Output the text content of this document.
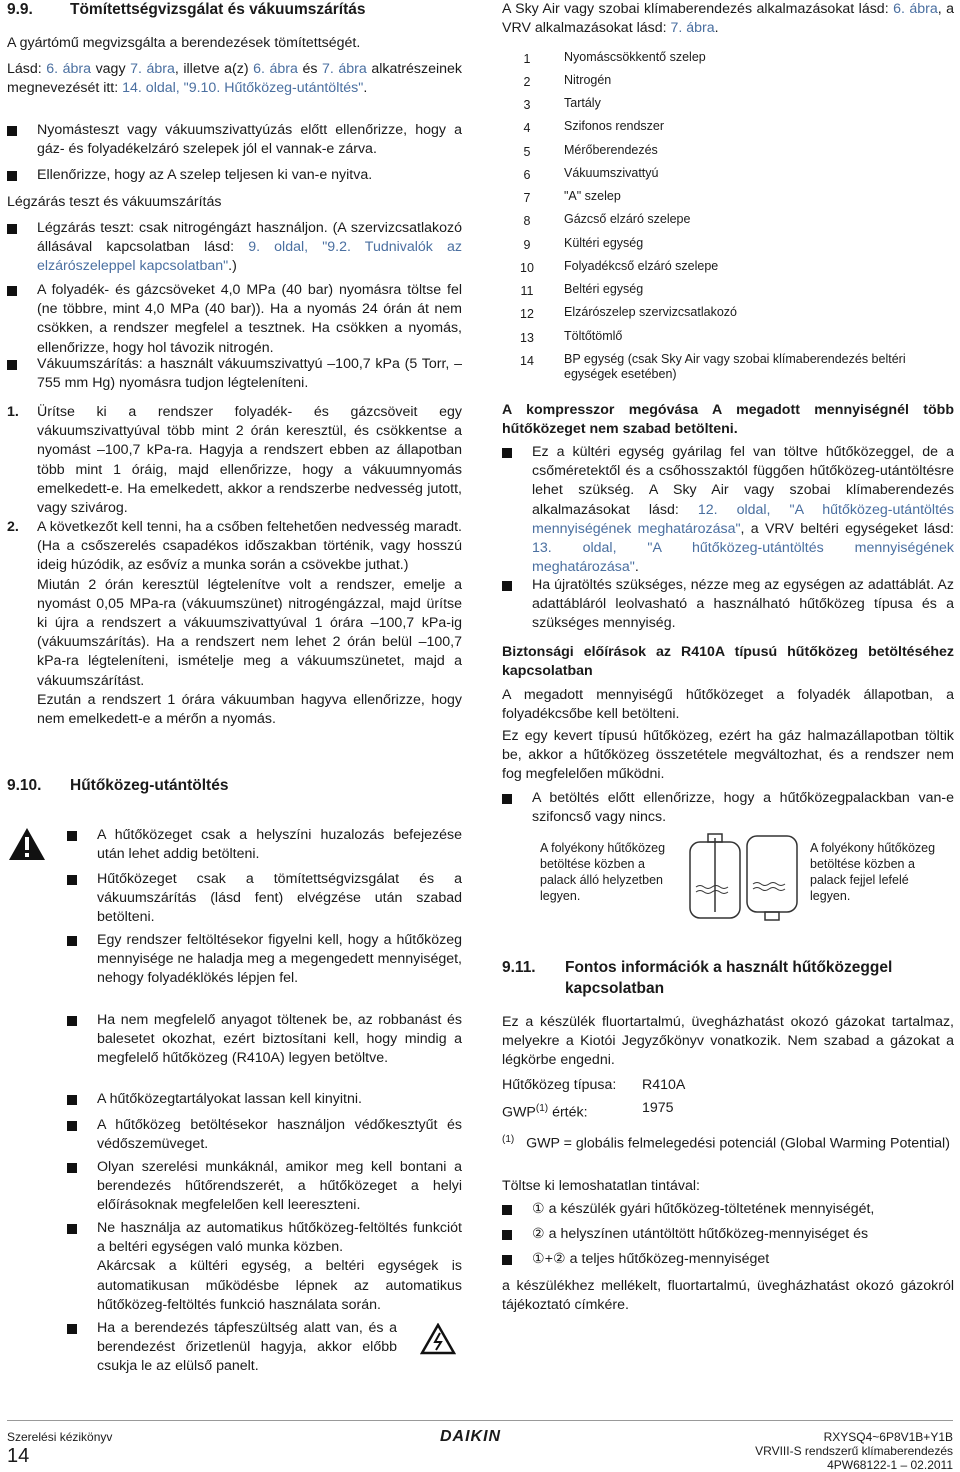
9.9. Tömítettségvizsgálat és vákuumszárítás

A gyártómű megvizsgálta a berendezések tömítettségét.

Lásd: 6. ábra vagy 7. ábra, illetve a(z) 6. ábra és 7. ábra alkatrészeinek megnevezését itt: 14. oldal, "9.10. Hűtőközeg-utántöltés".

Nyomásteszt vagy vákuumszivattyúzás előtt ellenőrizze, hogy a gáz- és folyadékelzáró szelepek jól el vannak-e zárva.
Ellenőrizze, hogy az A szelep teljesen ki van-e nyitva.

Légzárás teszt és vákuumszárítás

Légzárás teszt: csak nitrogéngázt használjon. (A szervizcsatlakozó állásával kapcsolatban lásd: 9. oldal, "9.2. Tudnivalók az elzárószeleppel kapcsolatban".)
A folyadék- és gázcsöveket 4,0 MPa (40 bar) nyomásra töltse fel (ne többre, mint 4,0 MPa (40 bar)). Ha a nyomás 24 órán át nem csökken, a rendszer megfelel a tesztnek. Ha csökken a nyomás, ellenőrizze, hogy hol távozik nitrogén.
Vákuumszárítás: a használt vákuumszivattyú –100,7 kPa (5 Torr, –755 mm Hg) nyomásra tudjon légteleníteni.
1. Ürítse ki a rendszer folyadék- és gázcsöveit egy vákuumszivattyúval több mint 2 órán keresztül, és csökkentse a nyomást –100,7 kPa-ra. Hagyja a rendszert ebben az állapotban több mint 1 óráig, majd ellenőrizze, hogy a vákuumnyomás emelkedett-e. Ha emelkedett, akkor a rendszerbe nedvesség jutott, vagy szivárog.
2. A következőt kell tenni, ha a csőben feltehetően nedvesség maradt. (Ha a csőszerelés csapadékos időszakban történik, vagy hosszú ideig húzódik, az esővíz a munka során a csövekbe juthat.)
Miután 2 órán keresztül légtelenítve volt a rendszer, emelje a nyomást 0,05 MPa-ra (vákuumszünet) nitrogéngázzal, majd ürítse ki újra a rendszert a vákuumszivattyúval 1 órára –100,7 kPa-ig (vákuumszárítás). Ha a rendszert nem lehet 2 órán belül –100,7 kPa-ra légteleníteni, ismételje meg a vákuumszünetet, majd a vákuumszárítást.
Ezután a rendszert 1 órára vákuumban hagyva ellenőrizze, hogy nem emelkedett-e a mérőn a nyomás.
9.10. Hűtőközeg-utántöltés
A hűtőközeget csak a helyszíni huzalozás befejezése után lehet addig betölteni.
Hűtőközeget csak a tömítettségvizsgálat és a vákuumszárítás (lásd fent) elvégzése után szabad betölteni.
Egy rendszer feltöltésekor figyelni kell, hogy a hűtőközeg mennyisége ne haladja meg a megengedett mennyiséget, nehogy folyadéklökés lépjen fel.
Ha nem megfelelő anyagot töltenek be, az robbanást és balesetet okozhat, ezért biztosítani kell, hogy mindig a megfelelő hűtőközeg (R410A) legyen betöltve.
A hűtőközegtartályokat lassan kell kinyitni.
A hűtőközeg betöltésekor használjon védőkesztyűt és védőszemüveget.
Olyan szerelési munkáknál, amikor meg kell bontani a berendezés hűtőrendszerét, a hűtőközeget a helyi előírásoknak megfelelően kell leereszteni.
Ne használja az automatikus hűtőközeg-feltöltés funkciót a beltéri egységen való munka közben.
Akárcsak a kültéri egység, a beltéri egységek is automatikusan működésbe lépnek az automatikus hűtőközeg-feltöltés funkció használata során.
Ha a berendezés tápfeszültség alatt van, és a berendezést őrizetlenül hagyja, akkor előbb csukja le az elülső panelt.

A Sky Air vagy szobai klímaberendezés alkalmazásokat lásd: 6. ábra, a VRV alkalmazásokat lásd: 7. ábra.

1	Nyomáscsökkentő szelep
2	Nitrogén
3	Tartály
4	Szifonos rendszer
5	Mérőberendezés
6	Vákuumszivattyú
7	"A" szelep
8	Gázcső elzáró szelepe
9	Kültéri egység
10	Folyadékcső elzáró szelepe
11	Beltéri egység
12	Elzárószelep szervizcsatlakozó
13	Töltőtömlő
14	BP egység (csak Sky Air vagy szobai klímaberendezés beltéri egységek esetében)

A kompresszor megóvása A megadott mennyiségnél több hűtőközeget nem szabad betölteni.

Ez a kültéri egység gyárilag fel van töltve hűtőközeggel, de a csőméretektől és a csőhosszaktól függően hűtőközeg-utántöltésre lehet szükség. A Sky Air vagy szobai klímaberendezés alkalmazásokat lásd: 12. oldal, "A hűtőközeg-utántöltés mennyiségének meghatározása", a VRV beltéri egységeket lásd: 13. oldal, "A hűtőközeg-utántöltés mennyiségének meghatározása".
Ha újratöltés szükséges, nézze meg az egységen az adattáblát. Az adattábláról leolvasható a használható hűtőközeg típusa és a szükséges mennyiség.

Biztonsági előírások az R410A típusú hűtőközeg betöltéséhez kapcsolatban

A megadott mennyiségű hűtőközeget a folyadék állapotban, a folyadékcsőbe kell betölteni.

Ez egy kevert típusú hűtőközeg, ezért ha gáz halmazállapotban töltik be, akkor a hűtőközeg összetétele megváltozhat, és a rendszer nem fog megfelelően működni.

A betöltés előtt ellenőrizze, hogy a hűtőközegpalackban van-e szifoncső vagy nincs.
A folyékony hűtőközeg betöltése közben a palack álló helyzetben legyen.
A folyékony hűtőközeg betöltése közben a palack fejjel lefelé legyen.
9.11. Fontos információk a használt hűtőközeggel kapcsolatban

Ez a készülék fluortartalmú, üvegházhatást okozó gázokat tartalmaz, melyekre a Kiotói Jegyzőkönyv vonatkozik. Nem szabad a gázokat a légkörbe engedni.

Hűtőközeg típusa: R410A
GWP$^{(1)}$ érték:	1975

$^{(1)}$ GWP = globális felmelegedési potenciál (Global Warming Potential)

Töltse ki lemoshatatlan tintával:

① a készülék gyári hűtőközeg-töltetének mennyiségét,
② a helyszínen utántöltött hűtőközeg-mennyiséget és
①+② a teljes hűtőközeg-mennyiséget

a készülékhez mellékelt, fluortartalmú, üvegházhatást okozó gázokról tájékoztató címkére.

Szerelési kézikönyv
14
DAIKIN	RXYSQ4~6P8V1B+Y1B
VRVIII-S rendszerű klímaberendezés
4PW68122-1 – 02.2011
